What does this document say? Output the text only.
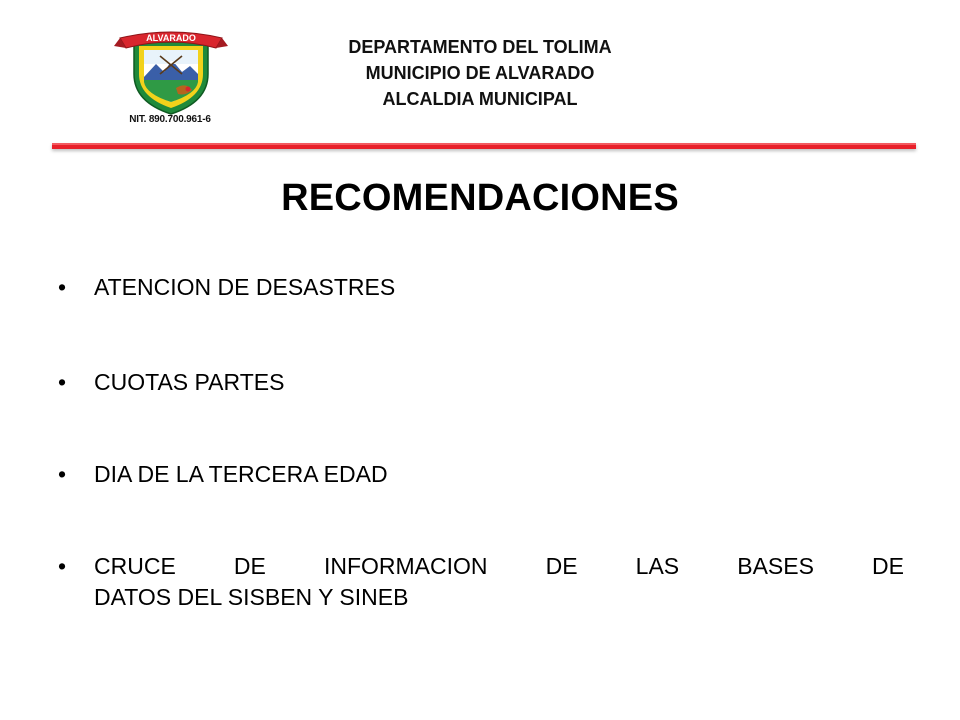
ALVARADO
NIT. 890.700.961-6
DEPARTAMENTO DEL TOLIMA
MUNICIPIO DE ALVARADO
ALCALDIA MUNICIPAL
RECOMENDACIONES
•	ATENCION DE DESASTRES
•	CUOTAS PARTES
•	DIA DE LA TERCERA EDAD
•	CRUCE DE INFORMACION DE LAS BASES DE
DATOS DEL SISBEN Y SINEB
